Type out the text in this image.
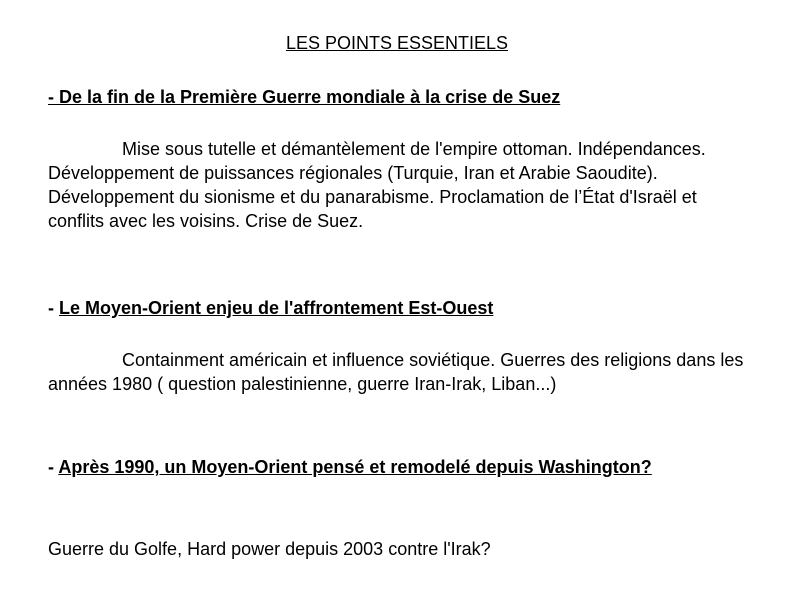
LES POINTS ESSENTIELS
- De la fin de la Première Guerre mondiale à la crise de Suez

Mise sous tutelle et démantèlement de l'empire ottoman. Indépendances. Développement de puissances régionales (Turquie, Iran et Arabie Saoudite). Développement du sionisme et du panarabisme. Proclamation de l’État d'Israël et conflits avec les voisins. Crise de Suez.

- Le Moyen-Orient enjeu de l'affrontement Est-Ouest

Containment américain et influence soviétique. Guerres des religions dans les années 1980 ( question palestinienne, guerre Iran-Irak, Liban...)

- Après 1990, un Moyen-Orient pensé et remodelé depuis Washington?

Guerre du Golfe, Hard power depuis 2003 contre l'Irak?
